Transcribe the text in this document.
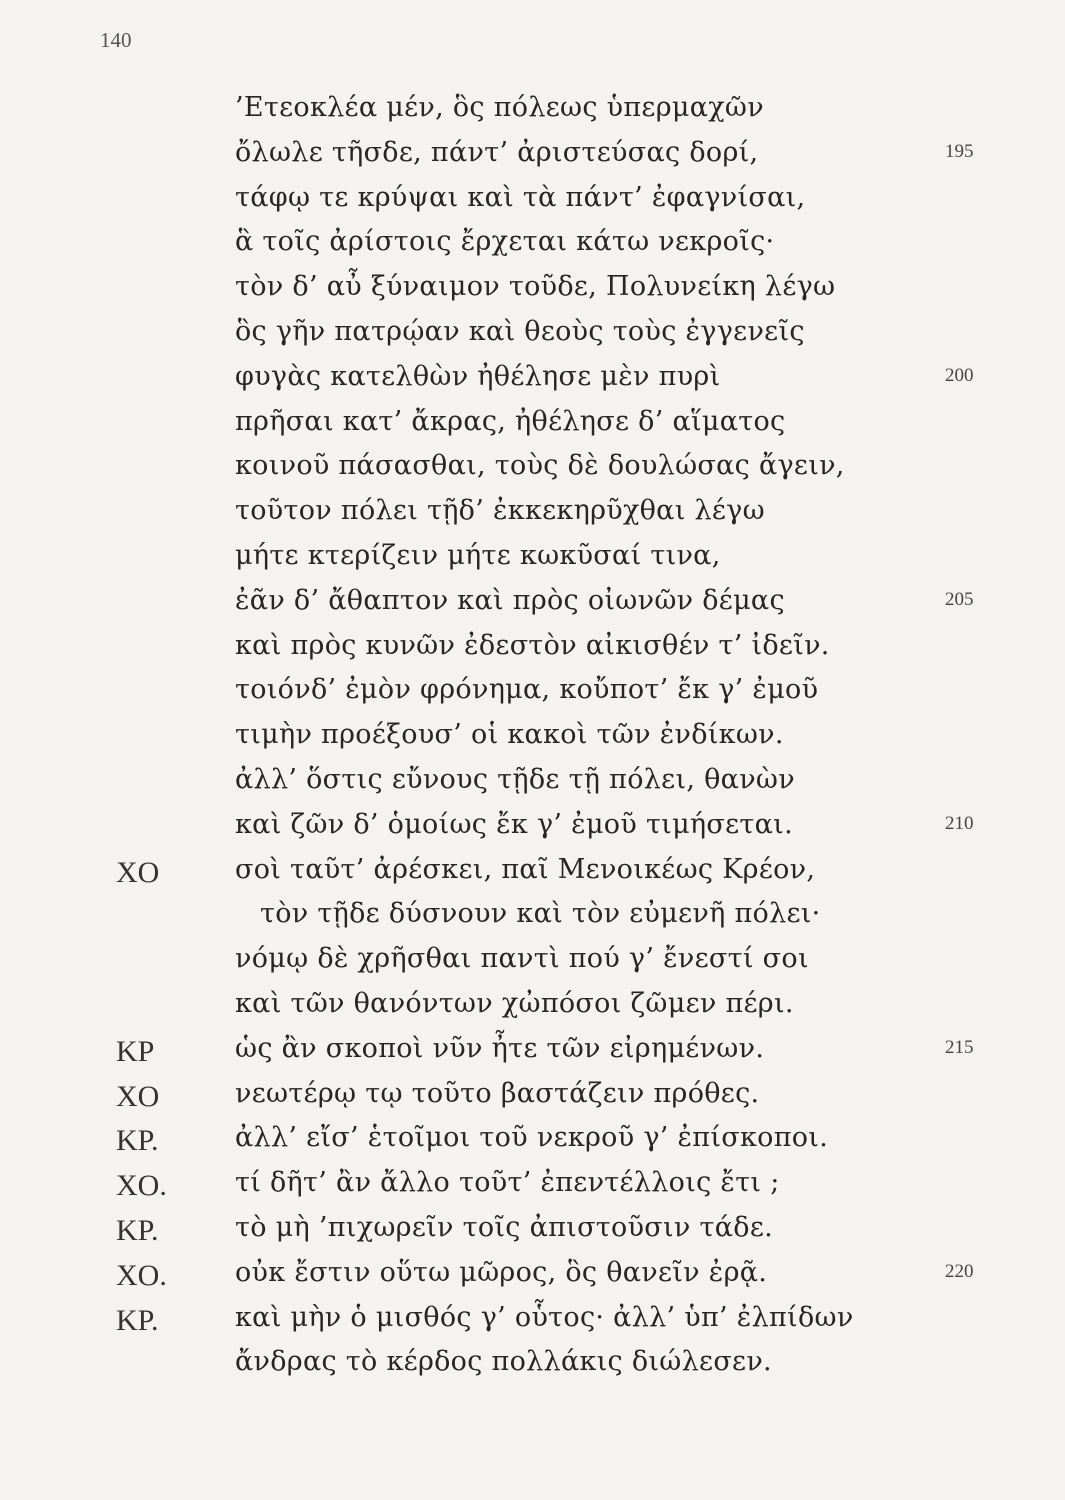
140
’Ετεοκλέα μέν, ὃς πόλεως ὑπερμαχῶν
ὄλωλε τῆσδε, πάντ’ ἀριστεύσας δορί,	195
τάφῳ τε κρύψαι καὶ τὰ πάντ’ ἐφαγνίσαι,
ἃ τοῖς ἀρίστοις ἔρχεται κάτω νεκροῖς·
τὸν δ’ αὖ ξύναιμον τοῦδε, Πολυνείκη λέγω
ὃς γῆν πατρῴαν καὶ θεοὺς τοὺς ἐγγενεῖς
φυγὰς κατελθὼν ἠθέλησε μὲν πυρὶ	200
πρῆσαι κατ’ ἄκρας, ἠθέλησε δ’ αἵματος
κοινοῦ πάσασθαι, τοὺς δὲ δουλώσας ἄγειν,
τοῦτον πόλει τῇδ’ ἐκκεκηρῦχθαι λέγω
μήτε κτερίζειν μήτε κωκῦσαί τινα,
ἐᾶν δ’ ἄθαπτον καὶ πρὸς οἰωνῶν δέμας	205
καὶ πρὸς κυνῶν ἐδεστὸν αἰκισθέν τ’ ἰδεῖν.
τοιόνδ’ ἐμὸν φρόνημα, κοὔποτ’ ἔκ γ’ ἐμοῦ
τιμὴν προέξουσ’ οἱ κακοὶ τῶν ἐνδίκων.
ἀλλ’ ὅστις εὔνους τῇδε τῇ πόλει, θανὼν
καὶ ζῶν δ’ ὁμοίως ἔκ γ’ ἐμοῦ τιμήσεται.	210
ΧΟ	σοὶ ταῦτ’ ἀρέσκει, παῖ Μενοικέως Κρέον,
τὸν τῇδε δύσνουν καὶ τὸν εὐμενῆ πόλει·
νόμῳ δὲ χρῆσθαι παντὶ πού γ’ ἔνεστί σοι
καὶ τῶν θανόντων χὠπόσοι ζῶμεν πέρι.
ΚΡ	ὡς ἂν σκοποὶ νῦν ἦτε τῶν εἰρημένων.	215
ΧΟ	νεωτέρῳ τῳ τοῦτο βαστάζειν πρόθες.
ΚΡ.	ἀλλ’ εἴσ’ ἑτοῖμοι τοῦ νεκροῦ γ’ ἐπίσκοποι.
ΧΟ.	τί δῆτ’ ἂν ἄλλο τοῦτ’ ἐπεντέλλοις ἔτι ;
ΚΡ.	τὸ μὴ ’πιχωρεῖν τοῖς ἀπιστοῦσιν τάδε.
ΧΟ.	οὐκ ἔστιν οὕτω μῶρος, ὃς θανεῖν ἐρᾷ.	220
ΚΡ.	καὶ μὴν ὁ μισθός γ’ οὗτος· ἀλλ’ ὑπ’ ἐλπίδων
ἄνδρας τὸ κέρδος πολλάκις διώλεσεν.
